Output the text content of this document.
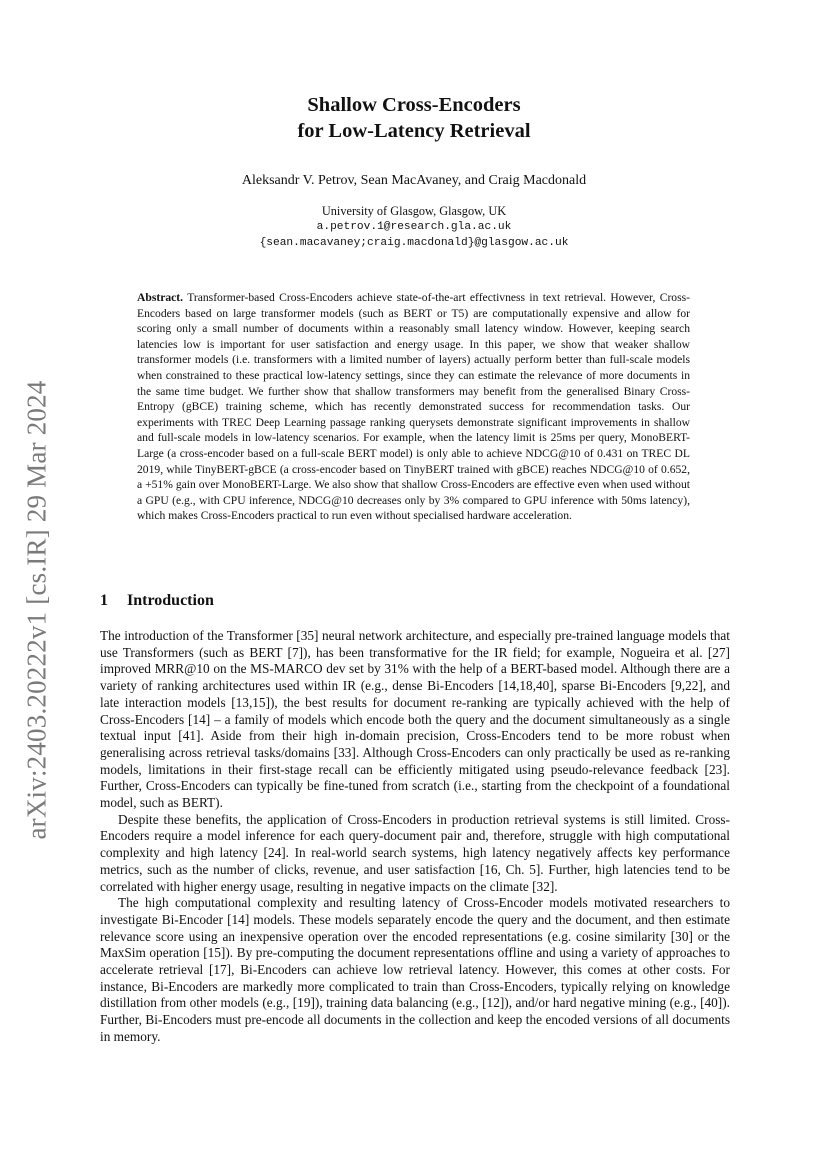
arXiv:2403.20222v1 [cs.IR] 29 Mar 2024
Shallow Cross-Encoders
for Low-Latency Retrieval
Aleksandr V. Petrov, Sean MacAvaney, and Craig Macdonald
University of Glasgow, Glasgow, UK
a.petrov.1@research.gla.ac.uk
{sean.macavaney;craig.macdonald}@glasgow.ac.uk

Abstract. Transformer-based Cross-Encoders achieve state-of-the-art effectivness in text retrieval. However, Cross-Encoders based on large transformer models (such as BERT or T5) are computationally expensive and allow for scoring only a small number of documents within a reasonably small latency window. However, keeping search latencies low is important for user satisfaction and energy usage. In this paper, we show that weaker shallow transformer models (i.e. transformers with a limited number of layers) actually perform better than full-scale models when constrained to these practical low-latency settings, since they can estimate the relevance of more documents in the same time budget. We further show that shallow transformers may benefit from the generalised Binary Cross-Entropy (gBCE) training scheme, which has recently demonstrated success for recommendation tasks. Our experiments with TREC Deep Learning passage ranking querysets demonstrate significant improvements in shallow and full-scale models in low-latency scenarios. For example, when the latency limit is 25ms per query, MonoBERT-Large (a cross-encoder based on a full-scale BERT model) is only able to achieve NDCG@10 of 0.431 on TREC DL 2019, while TinyBERT-gBCE (a cross-encoder based on TinyBERT trained with gBCE) reaches NDCG@10 of 0.652, a +51% gain over MonoBERT-Large. We also show that shallow Cross-Encoders are effective even when used without a GPU (e.g., with CPU inference, NDCG@10 decreases only by 3% compared to GPU inference with 50ms latency), which makes Cross-Encoders practical to run even without specialised hardware acceleration.

1 Introduction

The introduction of the Transformer [35] neural network architecture, and especially pre-trained language models that use Transformers (such as BERT [7]), has been transformative for the IR field; for example, Nogueira et al. [27] improved MRR@10 on the MS-MARCO dev set by 31% with the help of a BERT-based model. Although there are a variety of ranking architectures used within IR (e.g., dense Bi-Encoders [14,18,40], sparse Bi-Encoders [9,22], and late interaction models [13,15]), the best results for document re-ranking are typically achieved with the help of Cross-Encoders [14] – a family of models which encode both the query and the document simultaneously as a single textual input [41]. Aside from their high in-domain precision, Cross-Encoders tend to be more robust when generalising across retrieval tasks/domains [33]. Although Cross-Encoders can only practically be used as re-ranking models, limitations in their first-stage recall can be efficiently mitigated using pseudo-relevance feedback [23]. Further, Cross-Encoders can typically be fine-tuned from scratch (i.e., starting from the checkpoint of a foundational model, such as BERT).

Despite these benefits, the application of Cross-Encoders in production retrieval systems is still limited. Cross-Encoders require a model inference for each query-document pair and, therefore, struggle with high computational complexity and high latency [24]. In real-world search systems, high latency negatively affects key performance metrics, such as the number of clicks, revenue, and user satisfaction [16, Ch. 5]. Further, high latencies tend to be correlated with higher energy usage, resulting in negative impacts on the climate [32].

The high computational complexity and resulting latency of Cross-Encoder models motivated researchers to investigate Bi-Encoder [14] models. These models separately encode the query and the document, and then estimate relevance score using an inexpensive operation over the encoded representations (e.g. cosine similarity [30] or the MaxSim operation [15]). By pre-computing the document representations offline and using a variety of approaches to accelerate retrieval [17], Bi-Encoders can achieve low retrieval latency. However, this comes at other costs. For instance, Bi-Encoders are markedly more complicated to train than Cross-Encoders, typically relying on knowledge distillation from other models (e.g., [19]), training data balancing (e.g., [12]), and/or hard negative mining (e.g., [40]). Further, Bi-Encoders must pre-encode all documents in the collection and keep the encoded versions of all documents in memory.
